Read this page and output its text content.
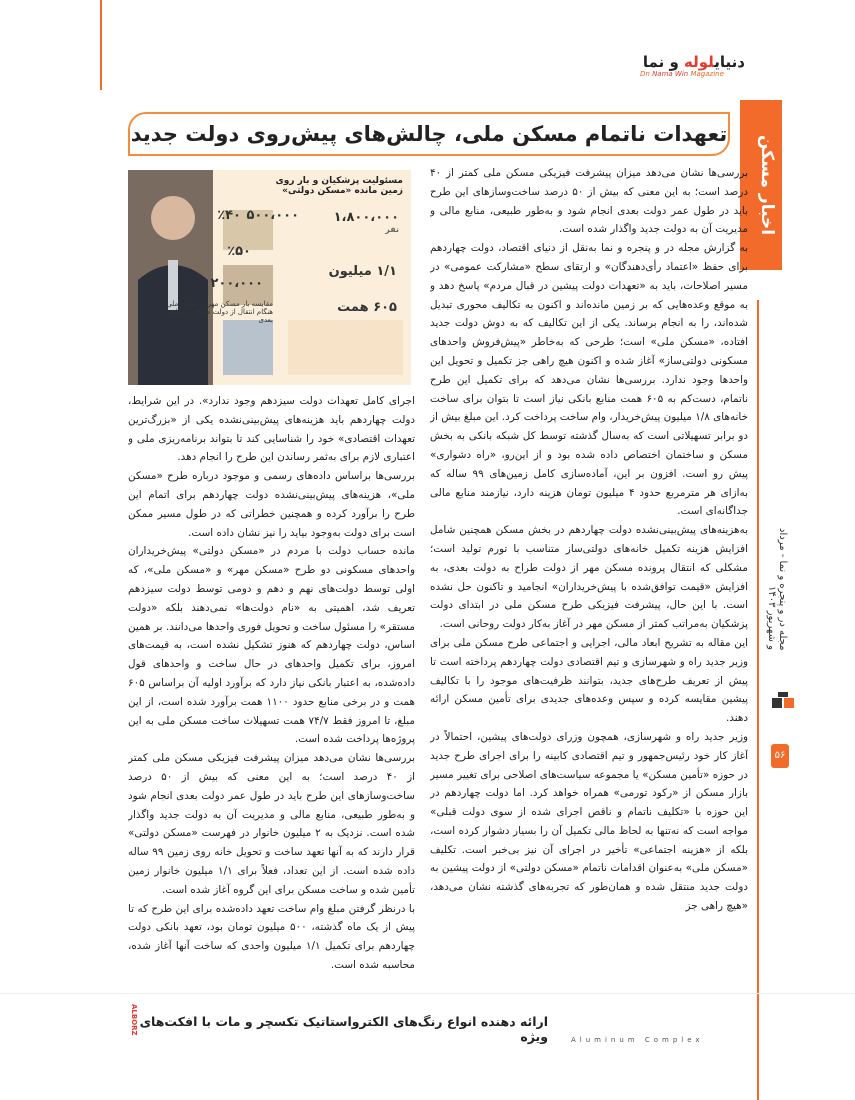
دنیایلوله و نما
Dn Nama Win Magazine
اخبار مسکن
تعهدات ناتمام مسکن ملی، چالش‌های پیش‌روی دولت جدید
مجله در و پنجره و نما - مرداد و شهریور ۱۴۰۳
۵۶

بررسی‌ها نشان می‌دهد میزان پیشرفت فیزیکی مسکن ملی کمتر از ۴۰ درصد است؛ به این معنی که بیش از ۵۰ درصد ساخت‌وسازهای این طرح باید در طول عمر دولت بعدی انجام شود و به‌طور طبیعی، منابع مالی و مدیریت آن به دولت جدید واگذار شده است.

به گزارش مجله در و پنجره و نما به‌نقل از دنیای اقتصاد، دولت چهاردهم برای حفظ «اعتماد رأی‌دهندگان» و ارتقای سطح «مشارکت عمومی» در مسیر اصلاحات، باید به «تعهدات دولت پیشین در قبال مردم» پاسخ دهد و به موقع وعده‌هایی که بر زمین مانده‌اند و اکنون به تکالیف محوری تبدیل شده‌اند، را به انجام برساند. یکی از این تکالیف که به دوش دولت جدید افتاده، «مسکن ملی» است؛ طرحی که به‌خاطر «پیش‌فروش واحدهای مسکونی دولتی‌ساز» آغاز شده و اکنون هیچ راهی جز تکمیل و تحویل این واحدها وجود ندارد. بررسی‌ها نشان می‌دهد که برای تکمیل این طرح ناتمام، دست‌کم به ۶۰۵ همت منابع بانکی نیاز است تا بتوان برای ساخت خانه‌های ۱/۸ میلیون پیش‌خریدار، وام ساخت پرداخت کرد. این مبلغ بیش از دو برابر تسهیلاتی است که به‌سال گذشته توسط کل شبکه بانکی به بخش مسکن و ساختمان اختصاص داده شده بود و از این‌رو، «راه دشواری» پیش رو است. افزون بر این، آماده‌سازی کامل زمین‌های ۹۹ ساله که به‌ازای هر مترمربع حدود ۴ میلیون تومان هزینه دارد، نیازمند منابع مالی جداگانه‌ای است.

به‌هزینه‌های پیش‌بینی‌نشده دولت چهاردهم در بخش مسکن همچنین شامل افزایش هزینه تکمیل خانه‌های دولتی‌ساز متناسب با تورم تولید است؛ مشکلی که انتقال پرونده مسکن مهر از دولت طراح به دولت بعدی، به افزایش «قیمت توافق‌شده با پیش‌خریداران» انجامید و تاکنون حل نشده است. با این حال، پیشرفت فیزیکی طرح مسکن ملی در ابتدای دولت پزشکیان به‌مراتب کمتر از مسکن مهر در آغاز به‌کار دولت روحانی است.

این مقاله به تشریح ابعاد مالی، اجرایی و اجتماعی طرح مسکن ملی برای وزیر جدید راه و شهرسازی و تیم اقتصادی دولت چهاردهم پرداخته است تا پیش از تعریف طرح‌های جدید، بتوانند ظرفیت‌های موجود را با تکالیف پیشین مقایسه کرده و سپس وعده‌های جدیدی برای تأمین مسکن ارائه دهند.

وزیر جدید راه و شهرسازی، همچون وزرای دولت‌های پیشین، احتمالاً در آغاز کار خود رئیس‌جمهور و تیم اقتصادی کابینه را برای اجرای طرح جدید در حوزه «تأمین مسکن» یا مجموعه سیاست‌های اصلاحی برای تغییر مسیر بازار مسکن از «رکود تورمی» همراه خواهد کرد. اما دولت چهاردهم در این حوزه با «تکلیف ناتمام و ناقص اجرای شده از سوی دولت قبلی» مواجه است که نه‌تنها به لحاظ مالی تکمیل آن را بسیار دشوار کرده است، بلکه از «هزینه اجتماعی» تأخیر در اجرای آن نیز بی‌خبر است. تکلیف «مسکن ملی» به‌عنوان اقدامات ناتمام «مسکن دولتی» از دولت پیشین به دولت جدید منتقل شده و همان‌طور که تجربه‌های گذشته نشان می‌دهد، «هیچ راهی جز

مسئولیت پزشکیان و بار روی زمین مانده «مسکن دولتی»
۱،۸۰۰،۰۰۰
نفر
۵۰۰،۰۰۰
٪۴۰
۱/۱ میلیون
٪۵۰
۲۰۰،۰۰۰
۶۰۵ همت
مقایسه بار مسکن مهر و مسکن ملی هنگام انتقال از دولت طراح به دولت بعدی

اجرای کامل تعهدات دولت سیزدهم وجود ندارد». در این شرایط، دولت چهاردهم باید هزینه‌های پیش‌بینی‌نشده یکی از «بزرگ‌ترین تعهدات اقتصادی» خود را شناسایی کند تا بتواند برنامه‌ریزی ملی و اعتباری لازم برای به‌ثمر رساندن این طرح را انجام دهد.

بررسی‌ها براساس داده‌های رسمی و موجود درباره طرح «مسکن ملی»، هزینه‌های پیش‌بینی‌نشده دولت چهاردهم برای اتمام این طرح را برآورد کرده و همچنین خطراتی که در طول مسیر ممکن است برای دولت به‌وجود بیاید را نیز نشان داده است.

مانده حساب دولت با مردم در «مسکن دولتی» پیش‌خریداران واحدهای مسکونی دو طرح «مسکن مهر» و «مسکن ملی»، که اولی توسط دولت‌های نهم و دهم و دومی توسط دولت سیزدهم تعریف شد، اهمیتی به «نام دولت‌ها» نمی‌دهند بلکه «دولت مستقر» را مسئول ساخت و تحویل فوری واحدها می‌دانند. بر همین اساس، دولت چهاردهم که هنوز تشکیل نشده است، به قیمت‌های امروز، برای تکمیل واحدهای در حال ساخت و واحدهای قول داده‌شده، به اعتبار بانکی نیاز دارد که برآورد اولیه آن براساس ۶۰۵ همت و در برخی منابع حدود ۱۱۰۰ همت برآورد شده است، از این مبلغ، تا امروز فقط ۷۴/۷ همت تسهیلات ساخت مسکن ملی به این پروژه‌ها پرداخت شده است.

بررسی‌ها نشان می‌دهد میزان پیشرفت فیزیکی مسکن ملی کمتر از ۴۰ درصد است؛ به این معنی که بیش از ۵۰ درصد ساخت‌وسازهای این طرح باید در طول عمر دولت بعدی انجام شود و به‌طور طبیعی، منابع مالی و مدیریت آن به دولت جدید واگذار شده است. نزدیک به ۲ میلیون خانوار در فهرست «مسکن دولتی» قرار دارند که به آنها تعهد ساخت و تحویل خانه روی زمین ۹۹ ساله داده شده است. از این تعداد، فعلاً برای ۱/۱ میلیون خانوار زمین تأمین شده و ساخت مسکن برای این گروه آغاز شده است.

با درنظر گرفتن مبلغ وام ساخت تعهد داده‌شده برای این طرح که تا پیش از یک ماه گذشته، ۵۰۰ میلیون تومان بود، تعهد بانکی دولت چهاردهم برای تکمیل ۱/۱ میلیون واحدی که ساخت آنها آغاز شده، محاسبه شده است.

ALBORZ ارائه دهنده انواع رنگ‌های الکترواستاتیک تکسچر و مات با افکت‌های ویژه	Aluminum Complex
